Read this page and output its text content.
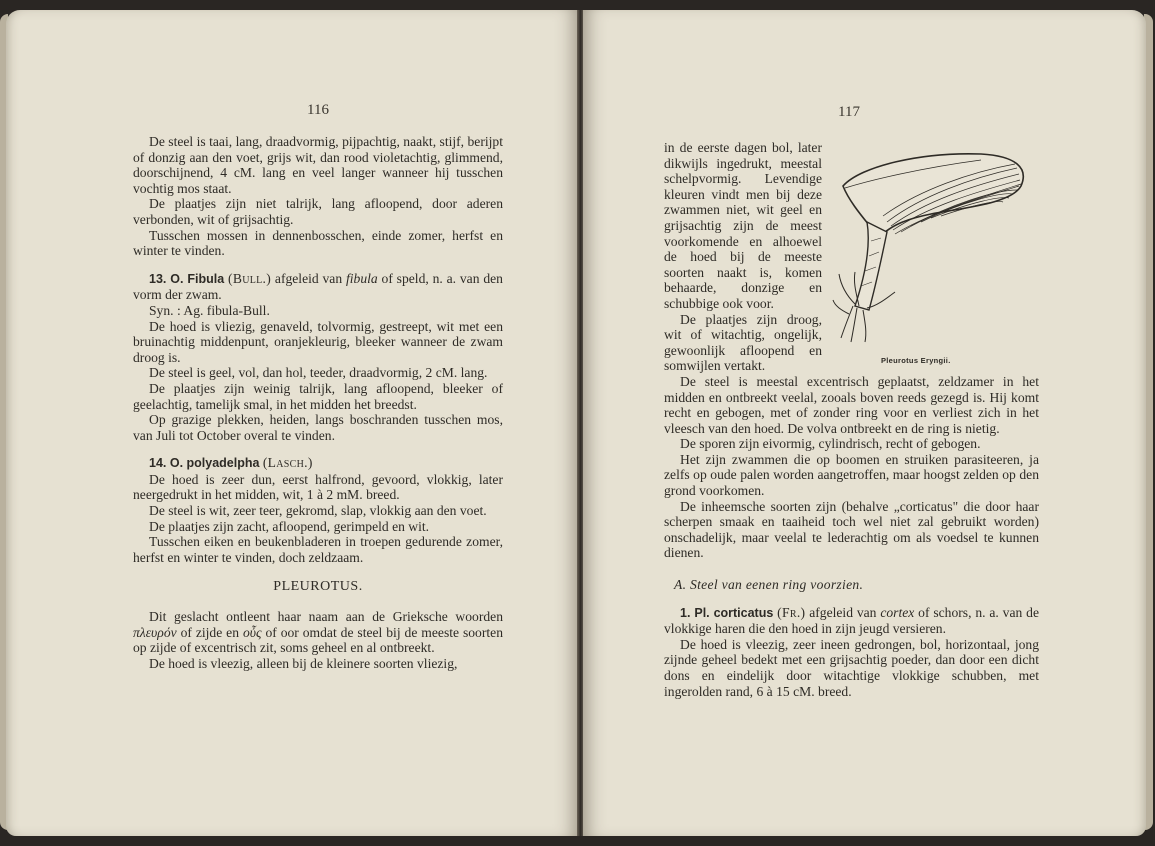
116

De steel is taai, lang, draadvormig, pijpachtig, naakt, stijf, berijpt of donzig aan den voet, grijs wit, dan rood violetachtig, glimmend, doorschijnend, 4 cM. lang en veel langer wanneer hij tusschen vochtig mos staat.

De plaatjes zijn niet talrijk, lang afloopend, door aderen verbonden, wit of grijsachtig.

Tusschen mossen in dennenbosschen, einde zomer, herfst en winter te vinden.

13. O. Fibula (Bull.) afgeleid van fibula of speld, n. a. van den vorm der zwam.

Syn. : Ag. fibula-Bull.

De hoed is vliezig, genaveld, tolvormig, gestreept, wit met een bruinachtig middenpunt, oranjekleurig, bleeker wanneer de zwam droog is.

De steel is geel, vol, dan hol, teeder, draadvormig, 2 cM. lang.

De plaatjes zijn weinig talrijk, lang afloopend, bleeker of geelachtig, tamelijk smal, in het midden het breedst.

Op grazige plekken, heiden, langs boschranden tusschen mos, van Juli tot October overal te vinden.

14. O. polyadelpha (Lasch.)

De hoed is zeer dun, eerst halfrond, gevoord, vlokkig, later neergedrukt in het midden, wit, 1 à 2 mM. breed.

De steel is wit, zeer teer, gekromd, slap, vlokkig aan den voet.

De plaatjes zijn zacht, afloopend, gerimpeld en wit.

Tusschen eiken en beukenbladeren in troepen gedurende zomer, herfst en winter te vinden, doch zeldzaam.

PLEUROTUS.

Dit geslacht ontleent haar naam aan de Grieksche woorden πλευρόν of zijde en οὖς of oor omdat de steel bij de meeste soorten op zijde of excentrisch zit, soms geheel en al ontbreekt.

De hoed is vleezig, alleen bij de kleinere soorten vliezig,

117
Pleurotus Eryngii.

in de eerste dagen bol, later dikwijls ingedrukt, meestal schelpvormig. Levendige kleuren vindt men bij deze zwammen niet, wit geel en grijsachtig zijn de meest voorkomende en alhoewel de hoed bij de meeste soorten naakt is, komen behaarde, donzige en schubbige ook voor.

De plaatjes zijn droog, wit of witachtig, ongelijk, gewoonlijk afloopend en somwijlen vertakt.

De steel is meestal excentrisch geplaatst, zeldzamer in het midden en ontbreekt veelal, zooals boven reeds gezegd is. Hij komt recht en gebogen, met of zonder ring voor en verliest zich in het vleesch van den hoed. De volva ontbreekt en de ring is nietig.

De sporen zijn eivormig, cylindrisch, recht of gebogen.

Het zijn zwammen die op boomen en struiken parasiteeren, ja zelfs op oude palen worden aangetroffen, maar hoogst zelden op den grond voorkomen.

De inheemsche soorten zijn (behalve „corticatus" die door haar scherpen smaak en taaiheid toch wel niet zal gebruikt worden) onschadelijk, maar veelal te lederachtig om als voedsel te kunnen dienen.

A. Steel van eenen ring voorzien.

1. Pl. corticatus (Fr.) afgeleid van cortex of schors, n. a. van de vlokkige haren die den hoed in zijn jeugd versieren.

De hoed is vleezig, zeer ineen gedrongen, bol, horizontaal, jong zijnde geheel bedekt met een grijsachtig poeder, dan door een dicht dons en eindelijk door witachtige vlokkige schubben, met ingerolden rand, 6 à 15 cM. breed.
